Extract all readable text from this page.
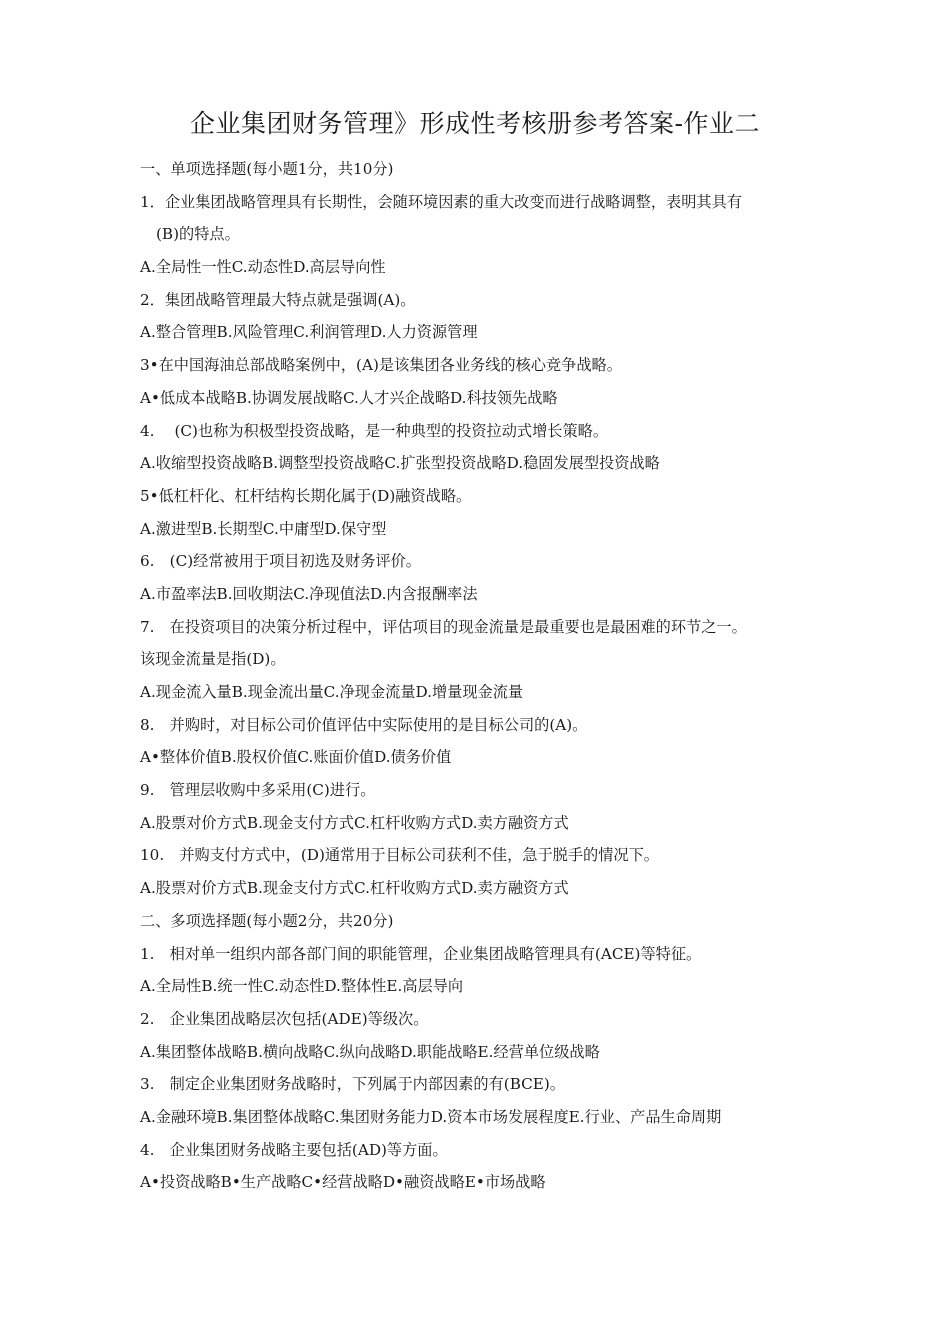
企业集团财务管理》形成性考核册参考答案-作业二
一、单项选择题(每小题1分，共10分)
1．企业集团战略管理具有长期性，会随环境因素的重大改变而进行战略调整，表明其具有
(B)的特点。
A.全局性一性C.动态性D.高层导向性
2．集团战略管理最大特点就是强调(A)。
A.整合管理B.风险管理C.利润管理D.人力资源管理
3•在中国海油总部战略案例中，(A)是该集团各业务线的核心竞争战略。
A•低成本战略B.协调发展战略C.人才兴企战略D.科技领先战略
4.　 (C)也称为积极型投资战略，是一种典型的投资拉动式增长策略。
A.收缩型投资战略B.调整型投资战略C.扩张型投资战略D.稳固发展型投资战略
5•低杠杆化、杠杆结构长期化属于(D)融资战略。
A.激进型B.长期型C.中庸型D.保守型
6.　(C)经常被用于项目初选及财务评价。
A.市盈率法B.回收期法C.净现值法D.内含报酬率法
7.　在投资项目的决策分析过程中，评估项目的现金流量是最重要也是最困难的环节之一。
该现金流量是指(D)。
A.现金流入量B.现金流出量C.净现金流量D.增量现金流量
8.　并购时，对目标公司价值评估中实际使用的是目标公司的(A)。
A•整体价值B.股权价值C.账面价值D.债务价值
9.　管理层收购中多采用(C)进行。
A.股票对价方式B.现金支付方式C.杠杆收购方式D.卖方融资方式
10.　并购支付方式中，(D)通常用于目标公司获利不佳，急于脱手的情况下。
A.股票对价方式B.现金支付方式C.杠杆收购方式D.卖方融资方式
二、多项选择题(每小题2分，共20分)
1.　相对单一组织内部各部门间的职能管理，企业集团战略管理具有(ACE)等特征。
A.全局性B.统一性C.动态性D.整体性E.高层导向
2.　企业集团战略层次包括(ADE)等级次。
A.集团整体战略B.横向战略C.纵向战略D.职能战略E.经营单位级战略
3.　制定企业集团财务战略时，下列属于内部因素的有(BCE)。
A.金融环境B.集团整体战略C.集团财务能力D.资本市场发展程度E.行业、产品生命周期
4.　企业集团财务战略主要包括(AD)等方面。
A•投资战略B•生产战略C•经营战略D•融资战略E•市场战略
